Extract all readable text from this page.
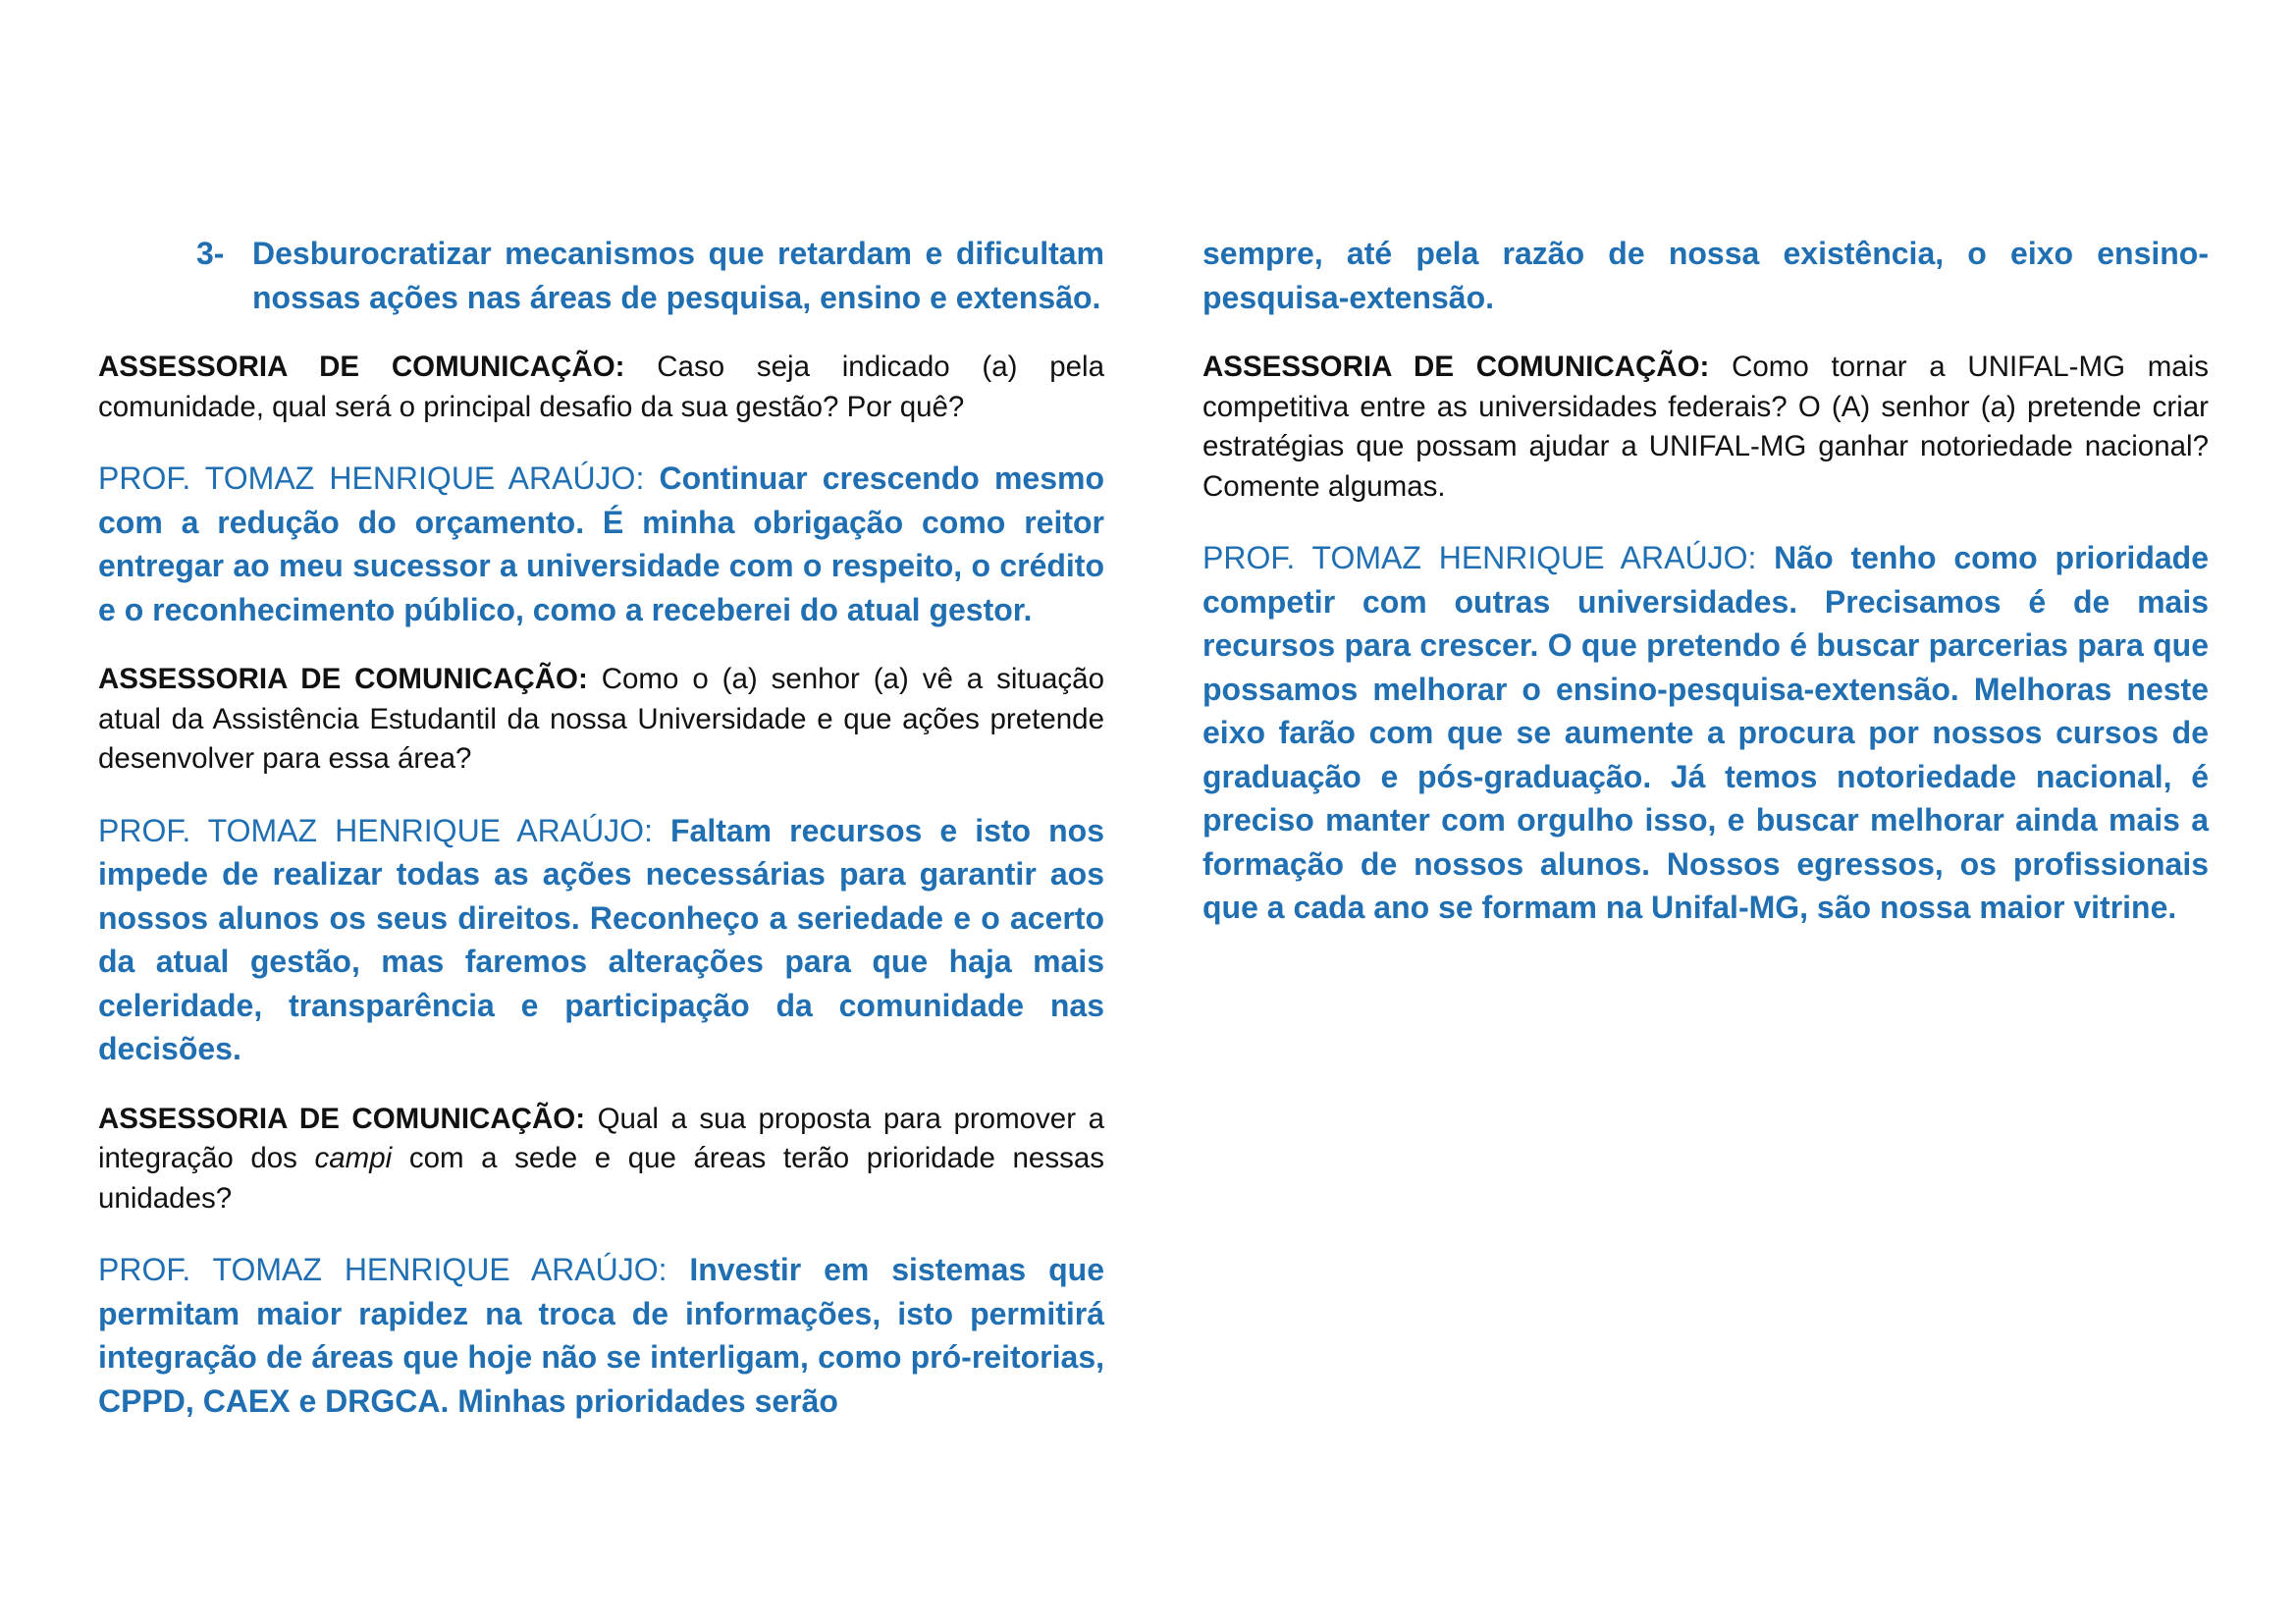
3- Desburocratizar mecanismos que retardam e dificultam nossas ações nas áreas de pesquisa, ensino e extensão.

ASSESSORIA DE COMUNICAÇÃO: Caso seja indicado (a) pela comunidade, qual será o principal desafio da sua gestão? Por quê?

PROF. TOMAZ HENRIQUE ARAÚJO: Continuar crescendo mesmo com a redução do orçamento. É minha obrigação como reitor entregar ao meu sucessor a universidade com o respeito, o crédito e o reconhecimento público, como a receberei do atual gestor.

ASSESSORIA DE COMUNICAÇÃO: Como o (a) senhor (a) vê a situação atual da Assistência Estudantil da nossa Universidade e que ações pretende desenvolver para essa área?

PROF. TOMAZ HENRIQUE ARAÚJO: Faltam recursos e isto nos impede de realizar todas as ações necessárias para garantir aos nossos alunos os seus direitos. Reconheço a seriedade e o acerto da atual gestão, mas faremos alterações para que haja mais celeridade, transparência e participação da comunidade nas decisões.

ASSESSORIA DE COMUNICAÇÃO: Qual a sua proposta para promover a integração dos campi com a sede e que áreas terão prioridade nessas unidades?

PROF. TOMAZ HENRIQUE ARAÚJO: Investir em sistemas que permitam maior rapidez na troca de informações, isto permitirá integração de áreas que hoje não se interligam, como pró-reitorias, CPPD, CAEX e DRGCA. Minhas prioridades serão

sempre, até pela razão de nossa existência, o eixo ensino-pesquisa-extensão.

ASSESSORIA DE COMUNICAÇÃO: Como tornar a UNIFAL-MG mais competitiva entre as universidades federais? O (A) senhor (a) pretende criar estratégias que possam ajudar a UNIFAL-MG ganhar notoriedade nacional? Comente algumas.

PROF. TOMAZ HENRIQUE ARAÚJO: Não tenho como prioridade competir com outras universidades. Precisamos é de mais recursos para crescer. O que pretendo é buscar parcerias para que possamos melhorar o ensino-pesquisa-extensão. Melhoras neste eixo farão com que se aumente a procura por nossos cursos de graduação e pós-graduação. Já temos notoriedade nacional, é preciso manter com orgulho isso, e buscar melhorar ainda mais a formação de nossos alunos. Nossos egressos, os profissionais que a cada ano se formam na Unifal-MG, são nossa maior vitrine.
